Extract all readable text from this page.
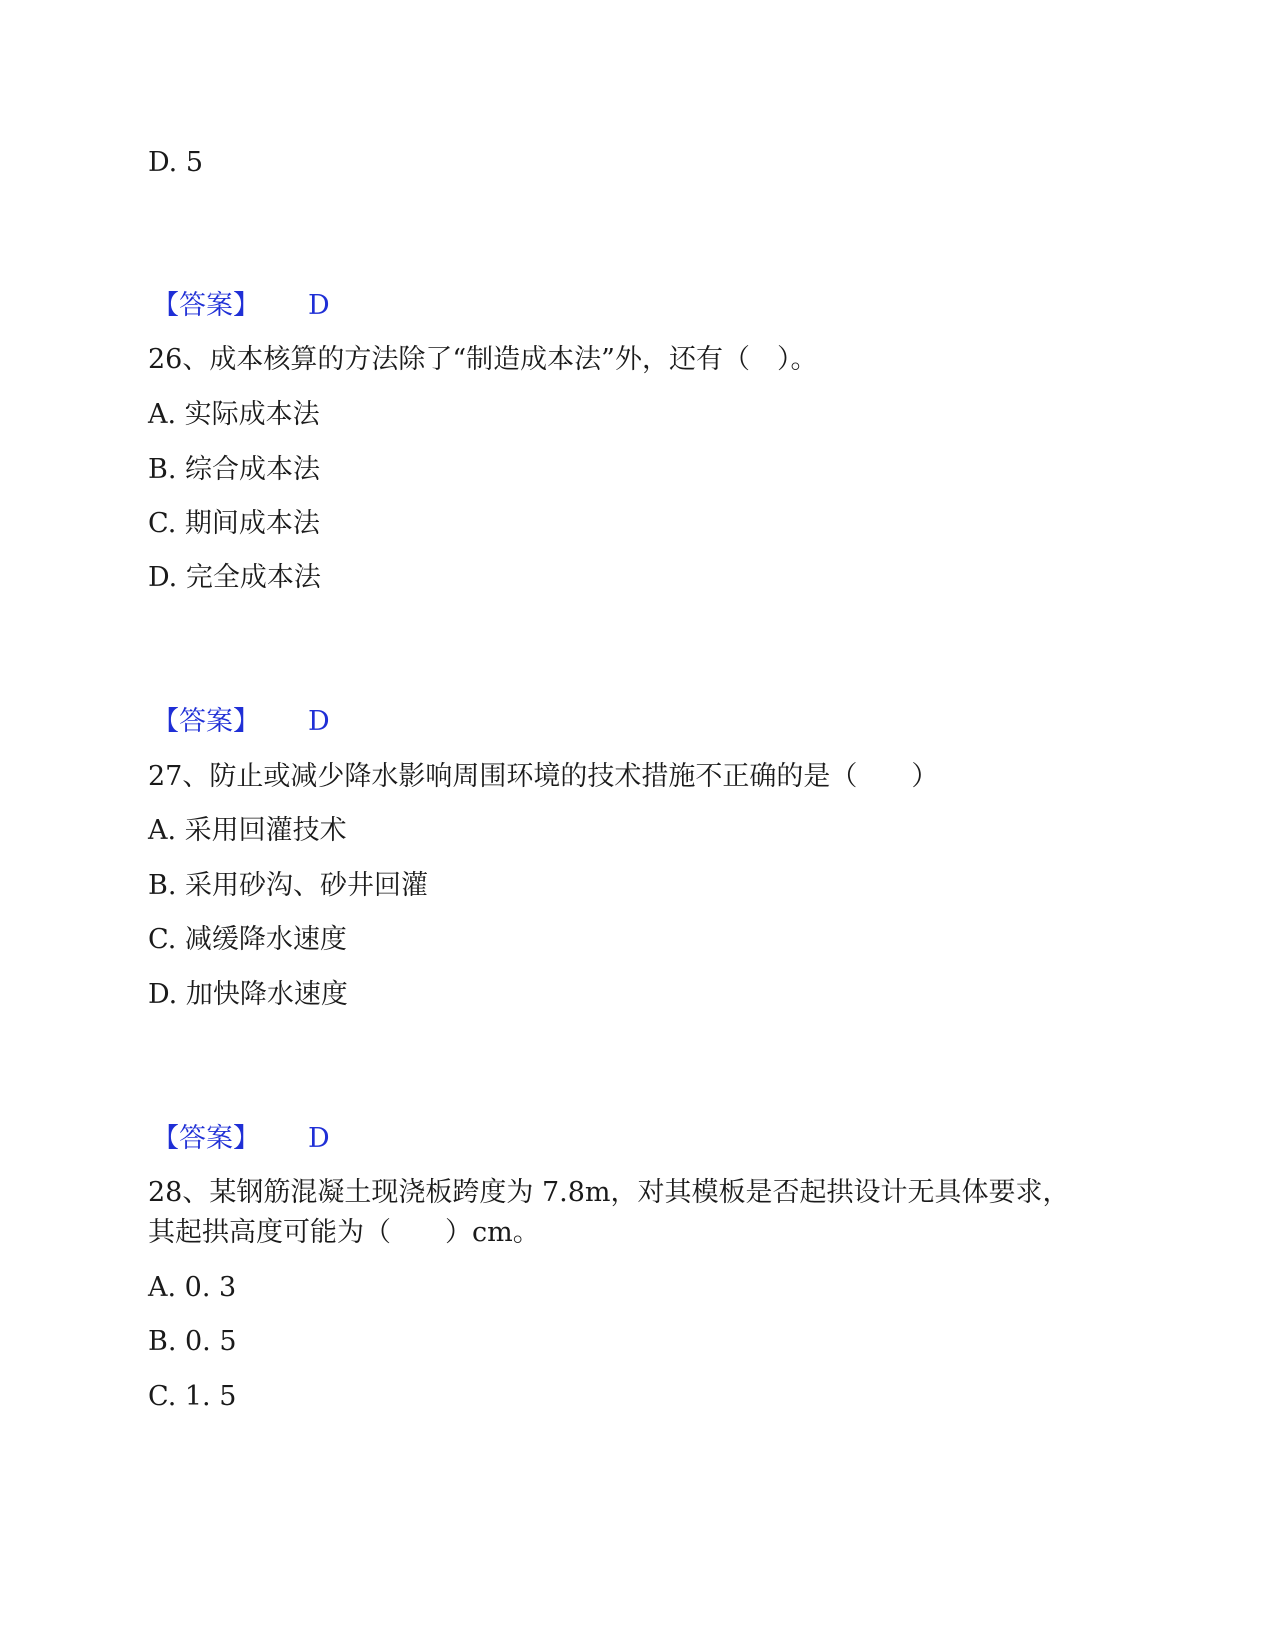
D. 5
【答案】 D
26、成本核算的方法除了“制造成本法”外，还有（　）。
A. 实际成本法
B. 综合成本法
C. 期间成本法
D. 完全成本法
【答案】 D
27、防止或减少降水影响周围环境的技术措施不正确的是（　　）
A. 采用回灌技术
B. 采用砂沟、砂井回灌
C. 减缓降水速度
D. 加快降水速度
【答案】 D
28、某钢筋混凝土现浇板跨度为 7.8m，对其模板是否起拱设计无具体要求，
其起拱高度可能为（　　）cm。
A. 0. 3
B. 0. 5
C. 1. 5
